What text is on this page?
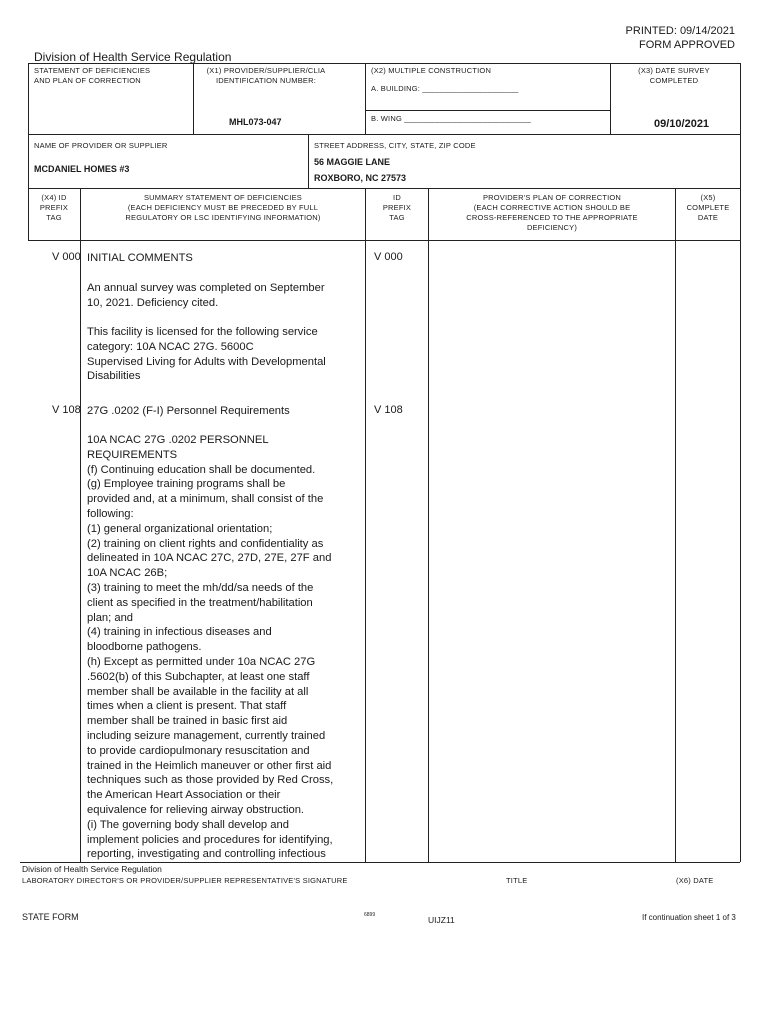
PRINTED: 09/14/2021
FORM APPROVED
Division of Health Service Regulation
STATEMENT OF DEFICIENCIES
AND PLAN OF CORRECTION
(X1) PROVIDER/SUPPLIER/CLIA
IDENTIFICATION NUMBER:
MHL073-047
(X2) MULTIPLE CONSTRUCTION
A. BUILDING: ______________________
B. WING _____________________________
(X3) DATE SURVEY
COMPLETED
09/10/2021
NAME OF PROVIDER OR SUPPLIER
MCDANIEL HOMES #3
STREET ADDRESS, CITY, STATE, ZIP CODE
56 MAGGIE LANE
ROXBORO, NC 27573
(X4) ID
PREFIX
TAG
SUMMARY STATEMENT OF DEFICIENCIES
(EACH DEFICIENCY MUST BE PRECEDED BY FULL
REGULATORY OR LSC IDENTIFYING INFORMATION)
ID
PREFIX
TAG
PROVIDER'S PLAN OF CORRECTION
(EACH CORRECTIVE ACTION SHOULD BE
CROSS-REFERENCED TO THE APPROPRIATE
DEFICIENCY)
(X5)
COMPLETE
DATE
V 000	V 000
INITIAL COMMENTS
An annual survey was completed on September
10, 2021. Deficiency cited.
This facility is licensed for the following service
category: 10A NCAC 27G. 5600C
Supervised Living for Adults with Developmental
Disabilities
V 108	V 108
27G .0202 (F-I) Personnel Requirements
10A NCAC 27G .0202 PERSONNEL
REQUIREMENTS
(f) Continuing education shall be documented.
(g) Employee training programs shall be
provided and, at a minimum, shall consist of the
following:
(1) general organizational orientation;
(2) training on client rights and confidentiality as
delineated in 10A NCAC 27C, 27D, 27E, 27F and
10A NCAC 26B;
(3) training to meet the mh/dd/sa needs of the
client as specified in the treatment/habilitation
plan; and
(4) training in infectious diseases and
bloodborne pathogens.
(h) Except as permitted under 10a NCAC 27G
.5602(b) of this Subchapter, at least one staff
member shall be available in the facility at all
times when a client is present. That staff
member shall be trained in basic first aid
including seizure management, currently trained
to provide cardiopulmonary resuscitation and
trained in the Heimlich maneuver or other first aid
techniques such as those provided by Red Cross,
the American Heart Association or their
equivalence for relieving airway obstruction.
(i) The governing body shall develop and
implement policies and procedures for identifying,
reporting, investigating and controlling infectious
Division of Health Service Regulation
LABORATORY DIRECTOR'S OR PROVIDER/SUPPLIER REPRESENTATIVE'S SIGNATURE	TITLE	(X6) DATE
STATE FORM	6899	UIJZ11	If continuation sheet 1 of 3
